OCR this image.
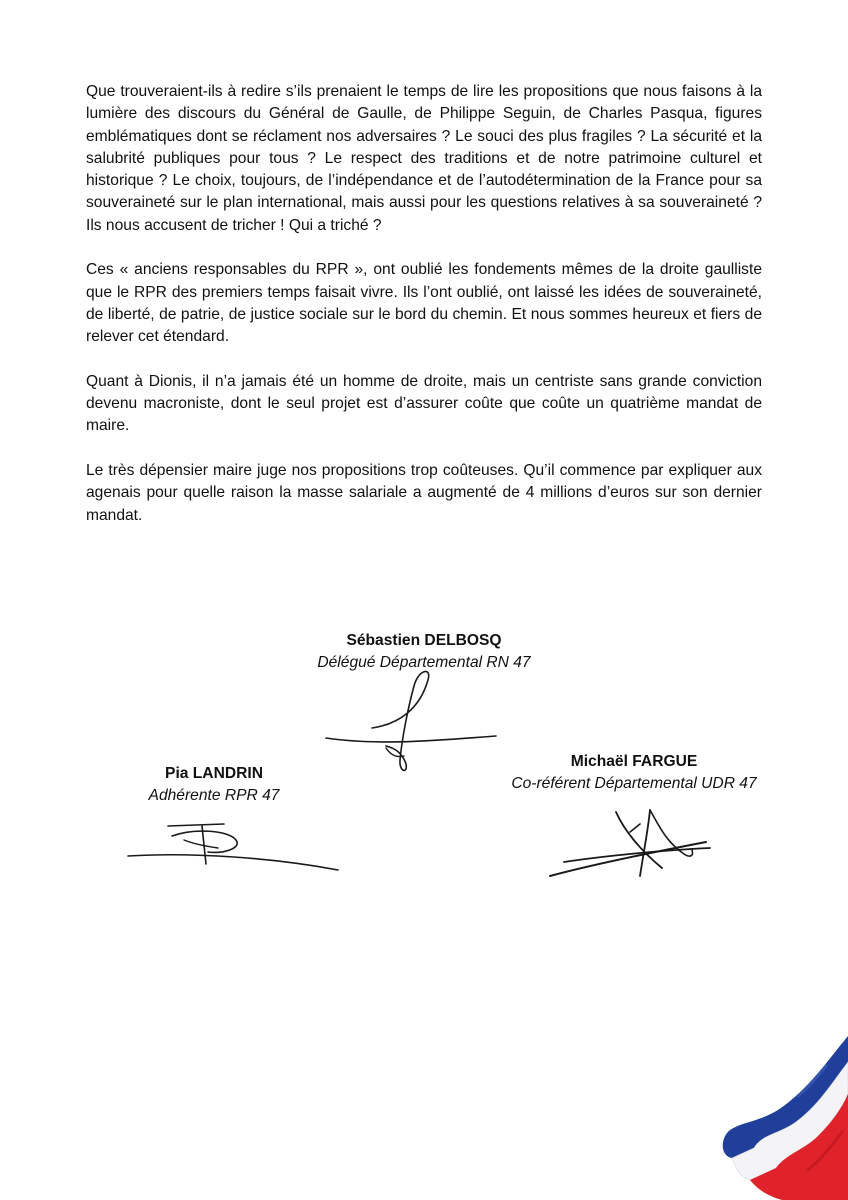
Que trouveraient-ils à redire s’ils prenaient le temps de lire les propositions que nous faisons à la lumière des discours du Général de Gaulle, de Philippe Seguin, de Charles Pasqua, figures emblématiques dont se réclament nos adversaires ? Le souci des plus fragiles ? La sécurité et la salubrité publiques pour tous ? Le respect des traditions et de notre patrimoine culturel et historique ? Le choix, toujours, de l’indépendance et de l’autodétermination de la France pour sa souveraineté sur le plan international, mais aussi pour les questions relatives à sa souveraineté ? Ils nous accusent de tricher ! Qui a triché ?

Ces « anciens responsables du RPR », ont oublié les fondements mêmes de la droite gaulliste que le RPR des premiers temps faisait vivre. Ils l’ont oublié, ont laissé les idées de souveraineté, de liberté, de patrie, de justice sociale sur le bord du chemin. Et nous sommes heureux et fiers de relever cet étendard.

Quant à Dionis, il n’a jamais été un homme de droite, mais un centriste sans grande conviction devenu macroniste, dont le seul projet est d’assurer coûte que coûte un quatrième mandat de maire.

Le très dépensier maire juge nos propositions trop coûteuses. Qu’il commence par expliquer aux agenais pour quelle raison la masse salariale a augmenté de 4 millions d’euros sur son dernier mandat.

Sébastien DELBOSQ
Délégué Départemental RN 47
Pia LANDRIN
Adhérente RPR 47
Michaël FARGUE
Co-référent Départemental UDR 47
